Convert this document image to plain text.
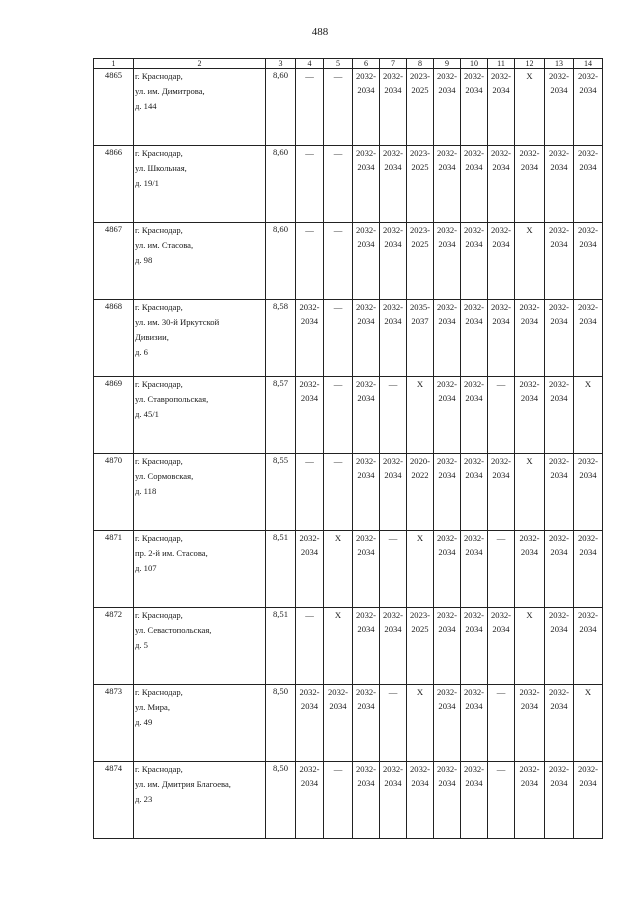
488
1	2	3	4	5	6	7	8	9	10	11	12	13	14
4865	г. Краснодар,
ул. им. Димитрова,
д. 144	8,60	—	—	2032-
2034	2032-
2034	2023-
2025	2032-
2034	2032-
2034	2032-
2034	X	2032-
2034	2032-
2034
4866	г. Краснодар,
ул. Школьная,
д. 19/1	8,60	—	—	2032-
2034	2032-
2034	2023-
2025	2032-
2034	2032-
2034	2032-
2034	2032-
2034	2032-
2034	2032-
2034
4867	г. Краснодар,
ул. им. Стасова,
д. 98	8,60	—	—	2032-
2034	2032-
2034	2023-
2025	2032-
2034	2032-
2034	2032-
2034	X	2032-
2034	2032-
2034
4868	г. Краснодар,
ул. им. 30-й Иркутской
Дивизии,
д. 6	8,58	2032-
2034	—	2032-
2034	2032-
2034	2035-
2037	2032-
2034	2032-
2034	2032-
2034	2032-
2034	2032-
2034	2032-
2034
4869	г. Краснодар,
ул. Ставропольская,
д. 45/1	8,57	2032-
2034	—	2032-
2034	—	X	2032-
2034	2032-
2034	—	2032-
2034	2032-
2034	X
4870	г. Краснодар,
ул. Сормовская,
д. 118	8,55	—	—	2032-
2034	2032-
2034	2020-
2022	2032-
2034	2032-
2034	2032-
2034	X	2032-
2034	2032-
2034
4871	г. Краснодар,
пр. 2-й им. Стасова,
д. 107	8,51	2032-
2034	X	2032-
2034	—	X	2032-
2034	2032-
2034	—	2032-
2034	2032-
2034	2032-
2034
4872	г. Краснодар,
ул. Севастопольская,
д. 5	8,51	—	X	2032-
2034	2032-
2034	2023-
2025	2032-
2034	2032-
2034	2032-
2034	X	2032-
2034	2032-
2034
4873	г. Краснодар,
ул. Мира,
д. 49	8,50	2032-
2034	2032-
2034	2032-
2034	—	X	2032-
2034	2032-
2034	—	2032-
2034	2032-
2034	X
4874	г. Краснодар,
ул. им. Дмитрия Благоева,
д. 23	8,50	2032-
2034	—	2032-
2034	2032-
2034	2032-
2034	2032-
2034	2032-
2034	—	2032-
2034	2032-
2034	2032-
2034
